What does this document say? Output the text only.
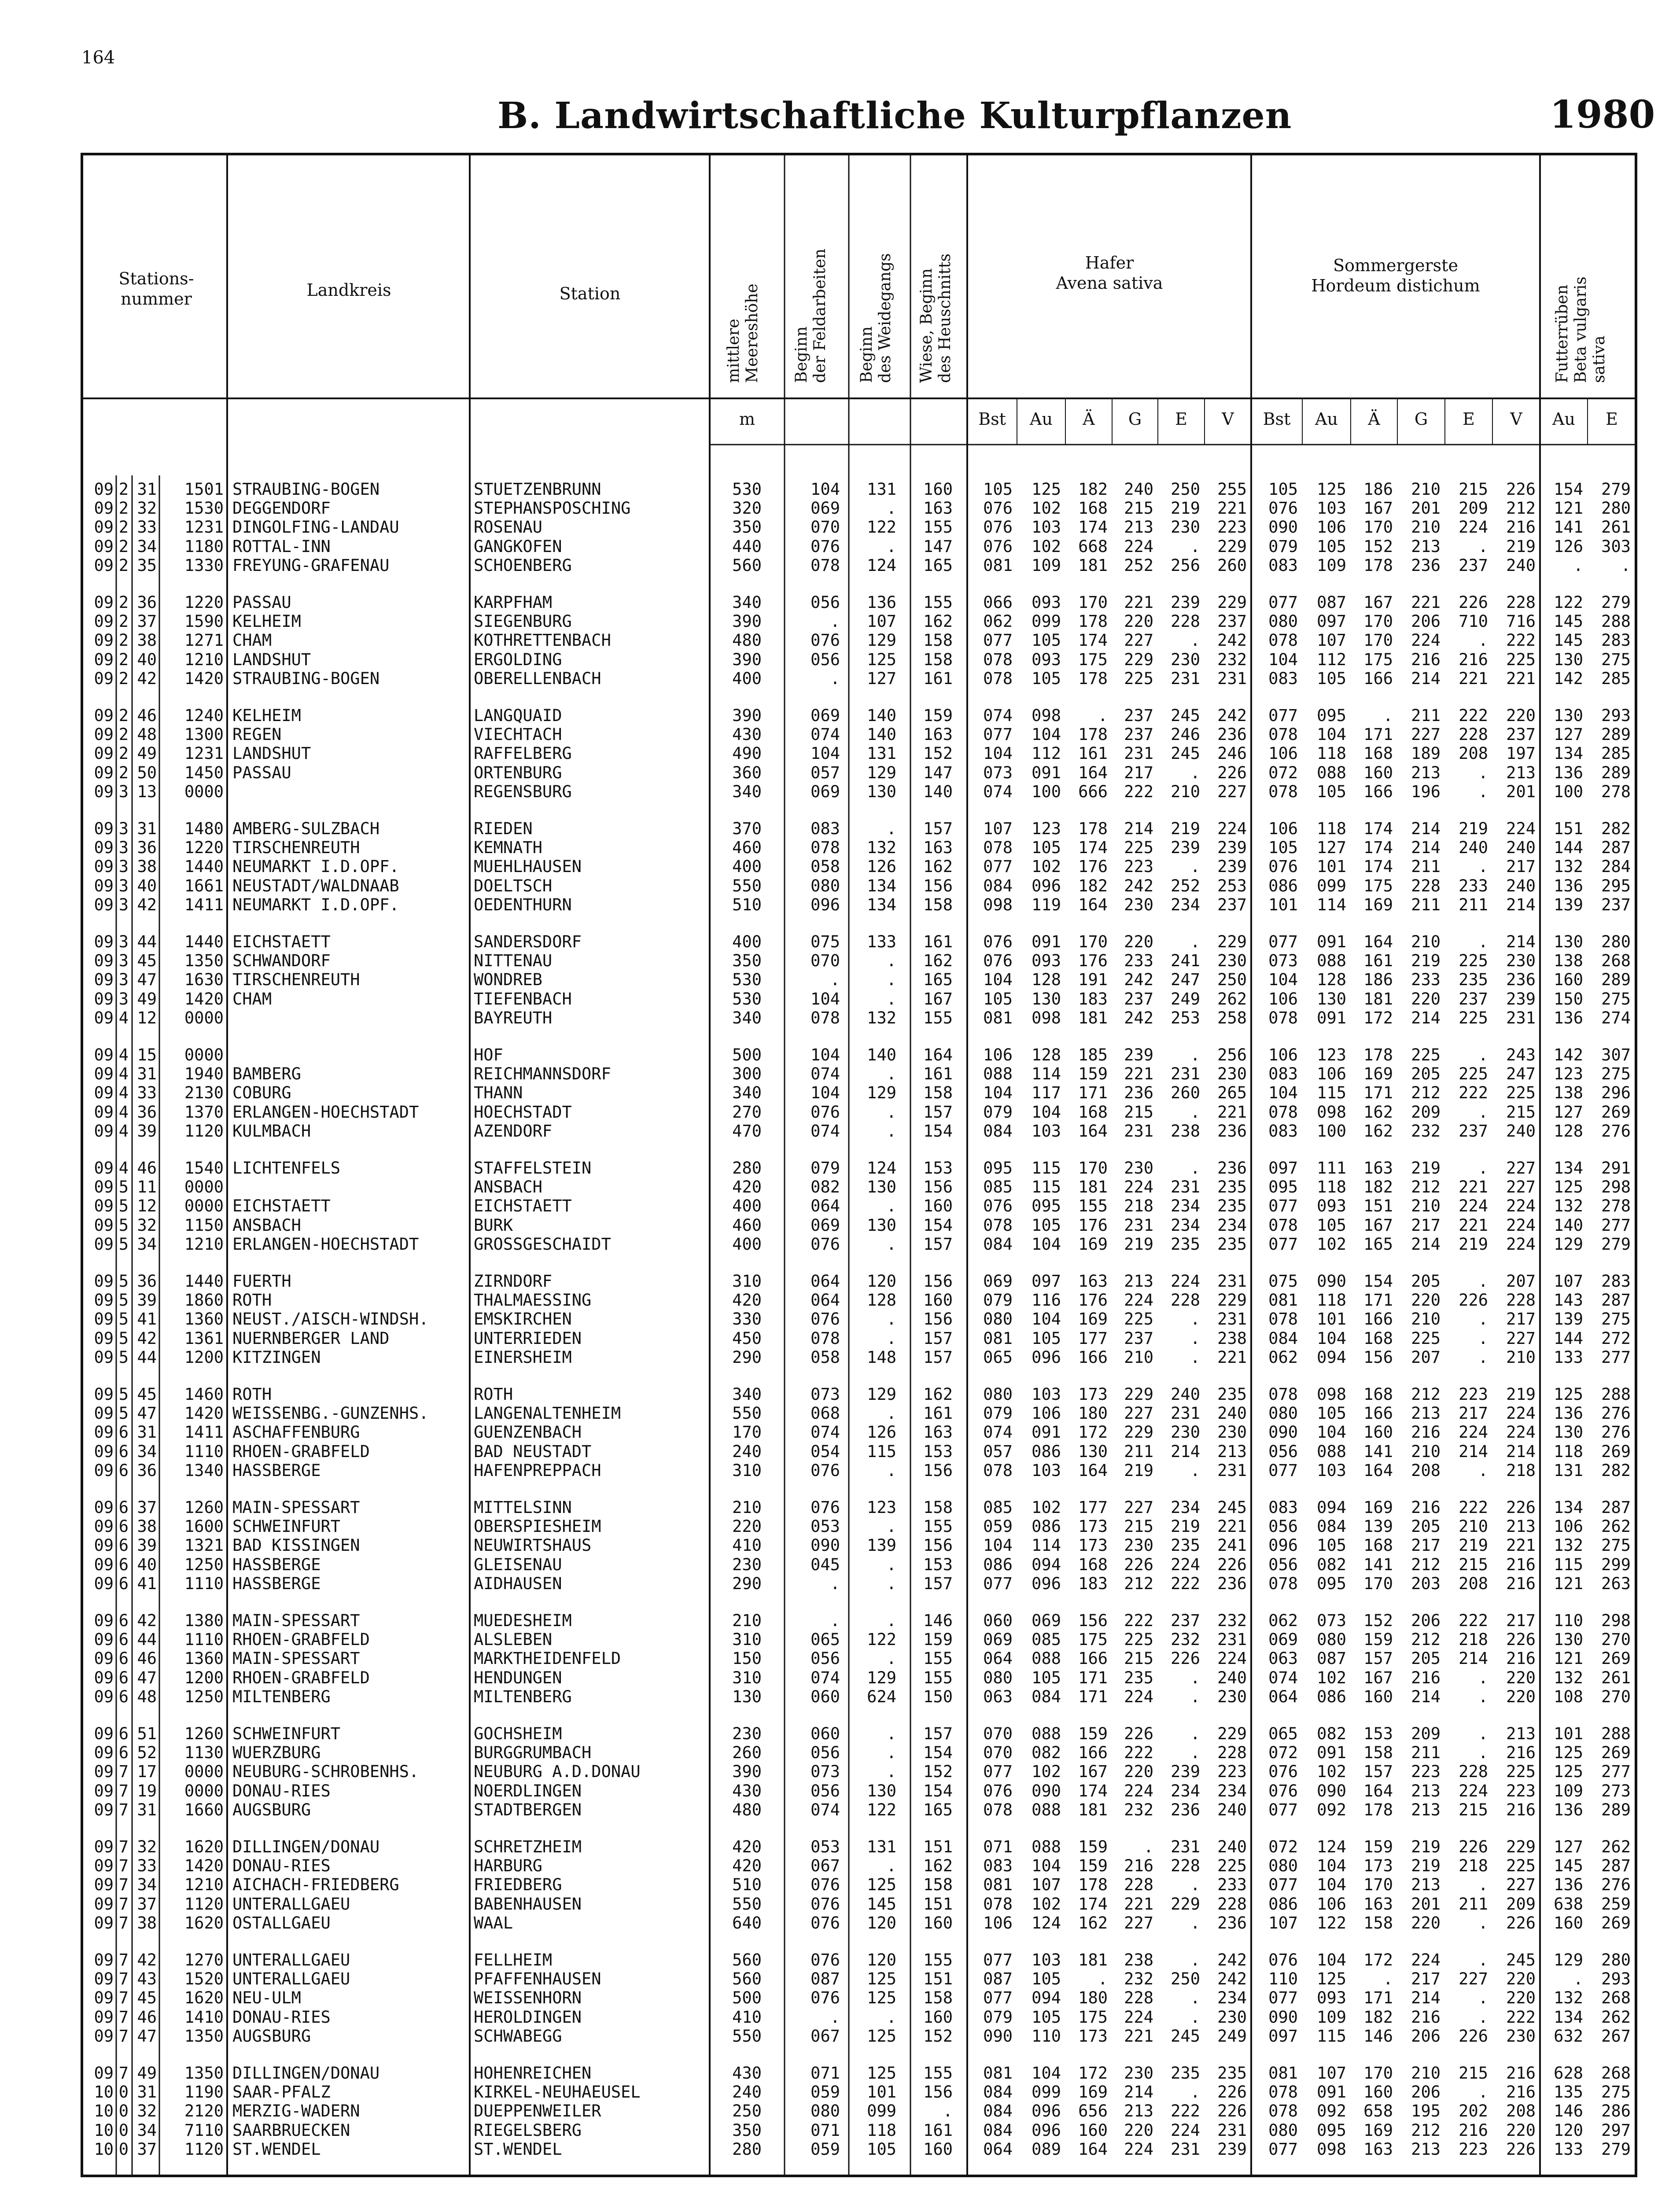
164
B. Landwirtschaftliche Kulturpflanzen	1980
Stations-
nummer	Landkreis	Station
Hafer
Avena sativa
Sommergerste
Hordeum distichum
mittlere
Meereshöhe Beginn
der Feldarbeiten
Beginn
des Weidegangs
Wiese, Beginn
des Heuschnitts	Futterrüben
Beta vulgaris
sativa
m	Bst	Au	Ä	G	E	V	Bst	Au	Ä	G	E	V	Au	E
09 2 31	1501 STRAUBING-BOGEN	STUETZENBRUNN	530	104	131	160	105	125	182	240	250	255	105	125	186	210	215	226	154	279
09 2 32	1530 DEGGENDORF	STEPHANSPOSCHING	320	069	.	163	076	102	168	215	219	221	076	103	167	201	209	212	121	280
09 2 33	1231 DINGOLFING-LANDAU	ROSENAU	350	070	122	155	076	103	174	213	230	223	090	106	170	210	224	216	141	261
09 2 34	1180 ROTTAL-INN	GANGKOFEN	440	076	.	147	076	102	668	224	.	229	079	105	152	213	.	219	126	303
09 2 35	1330 FREYUNG-GRAFENAU	SCHOENBERG	560	078	124	165	081	109	181	252	256	260	083	109	178	236	237	240	.	.
09 2 36	1220 PASSAU	KARPFHAM	340	056	136	155	066	093	170	221	239	229	077	087	167	221	226	228	122	279
09 2 37	1590 KELHEIM	SIEGENBURG	390	.	107	162	062	099	178	220	228	237	080	097	170	206	710	716	145	288
09 2 38	1271 CHAM	KOTHRETTENBACH	480	076	129	158	077	105	174	227	.	242	078	107	170	224	.	222	145	283
09 2 40	1210 LANDSHUT	ERGOLDING	390	056	125	158	078	093	175	229	230	232	104	112	175	216	216	225	130	275
09 2 42	1420 STRAUBING-BOGEN	OBERELLENBACH	400	.	127	161	078	105	178	225	231	231	083	105	166	214	221	221	142	285
09 2 46	1240 KELHEIM	LANGQUAID	390	069	140	159	074	098	.	237	245	242	077	095	.	211	222	220	130	293
09 2 48	1300 REGEN	VIECHTACH	430	074	140	163	077	104	178	237	246	236	078	104	171	227	228	237	127	289
09 2 49	1231 LANDSHUT	RAFFELBERG	490	104	131	152	104	112	161	231	245	246	106	118	168	189	208	197	134	285
09 2 50	1450 PASSAU	ORTENBURG	360	057	129	147	073	091	164	217	.	226	072	088	160	213	.	213	136	289
09 3 13	0000	REGENSBURG	340	069	130	140	074	100	666	222	210	227	078	105	166	196	.	201	100	278
09 3 31	1480 AMBERG-SULZBACH	RIEDEN	370	083	.	157	107	123	178	214	219	224	106	118	174	214	219	224	151	282
09 3 36	1220 TIRSCHENREUTH	KEMNATH	460	078	132	163	078	105	174	225	239	239	105	127	174	214	240	240	144	287
09 3 38	1440 NEUMARKT I.D.OPF.	MUEHLHAUSEN	400	058	126	162	077	102	176	223	.	239	076	101	174	211	.	217	132	284
09 3 40	1661 NEUSTADT/WALDNAAB	DOELTSCH	550	080	134	156	084	096	182	242	252	253	086	099	175	228	233	240	136	295
09 3 42	1411 NEUMARKT I.D.OPF.	OEDENTHURN	510	096	134	158	098	119	164	230	234	237	101	114	169	211	211	214	139	237
09 3 44	1440 EICHSTAETT	SANDERSDORF	400	075	133	161	076	091	170	220	.	229	077	091	164	210	.	214	130	280
09 3 45	1350 SCHWANDORF	NITTENAU	350	070	.	162	076	093	176	233	241	230	073	088	161	219	225	230	138	268
09 3 47	1630 TIRSCHENREUTH	WONDREB	530	.	.	165	104	128	191	242	247	250	104	128	186	233	235	236	160	289
09 3 49	1420 CHAM	TIEFENBACH	530	104	.	167	105	130	183	237	249	262	106	130	181	220	237	239	150	275
09 4 12	0000	BAYREUTH	340	078	132	155	081	098	181	242	253	258	078	091	172	214	225	231	136	274
09 4 15	0000	HOF	500	104	140	164	106	128	185	239	.	256	106	123	178	225	.	243	142	307
09 4 31	1940 BAMBERG	REICHMANNSDORF	300	074	.	161	088	114	159	221	231	230	083	106	169	205	225	247	123	275
09 4 33	2130 COBURG	THANN	340	104	129	158	104	117	171	236	260	265	104	115	171	212	222	225	138	296
09 4 36	1370 ERLANGEN-HOECHSTADT	HOECHSTADT	270	076	.	157	079	104	168	215	.	221	078	098	162	209	.	215	127	269
09 4 39	1120 KULMBACH	AZENDORF	470	074	.	154	084	103	164	231	238	236	083	100	162	232	237	240	128	276
09 4 46	1540 LICHTENFELS	STAFFELSTEIN	280	079	124	153	095	115	170	230	.	236	097	111	163	219	.	227	134	291
09 5 11	0000	ANSBACH	420	082	130	156	085	115	181	224	231	235	095	118	182	212	221	227	125	298
09 5 12	0000 EICHSTAETT	EICHSTAETT	400	064	.	160	076	095	155	218	234	235	077	093	151	210	224	224	132	278
09 5 32	1150 ANSBACH	BURK	460	069	130	154	078	105	176	231	234	234	078	105	167	217	221	224	140	277
09 5 34	1210 ERLANGEN-HOECHSTADT	GROSSGESCHAIDT	400	076	.	157	084	104	169	219	235	235	077	102	165	214	219	224	129	279
09 5 36	1440 FUERTH	ZIRNDORF	310	064	120	156	069	097	163	213	224	231	075	090	154	205	.	207	107	283
09 5 39	1860 ROTH	THALMAESSING	420	064	128	160	079	116	176	224	228	229	081	118	171	220	226	228	143	287
09 5 41	1360 NEUST./AISCH-WINDSH.	EMSKIRCHEN	330	076	.	156	080	104	169	225	.	231	078	101	166	210	.	217	139	275
09 5 42	1361 NUERNBERGER LAND	UNTERRIEDEN	450	078	.	157	081	105	177	237	.	238	084	104	168	225	.	227	144	272
09 5 44	1200 KITZINGEN	EINERSHEIM	290	058	148	157	065	096	166	210	.	221	062	094	156	207	.	210	133	277
09 5 45	1460 ROTH	ROTH	340	073	129	162	080	103	173	229	240	235	078	098	168	212	223	219	125	288
09 5 47	1420 WEISSENBG.-GUNZENHS.	LANGENALTENHEIM	550	068	.	161	079	106	180	227	231	240	080	105	166	213	217	224	136	276
09 6 31	1411 ASCHAFFENBURG	GUENZENBACH	170	074	126	163	074	091	172	229	230	230	090	104	160	216	224	224	130	276
09 6 34	1110 RHOEN-GRABFELD	BAD NEUSTADT	240	054	115	153	057	086	130	211	214	213	056	088	141	210	214	214	118	269
09 6 36	1340 HASSBERGE	HAFENPREPPACH	310	076	.	156	078	103	164	219	.	231	077	103	164	208	.	218	131	282
09 6 37	1260 MAIN-SPESSART	MITTELSINN	210	076	123	158	085	102	177	227	234	245	083	094	169	216	222	226	134	287
09 6 38	1600 SCHWEINFURT	OBERSPIESHEIM	220	053	.	155	059	086	173	215	219	221	056	084	139	205	210	213	106	262
09 6 39	1321 BAD KISSINGEN	NEUWIRTSHAUS	410	090	139	156	104	114	173	230	235	241	096	105	168	217	219	221	132	275
09 6 40	1250 HASSBERGE	GLEISENAU	230	045	.	153	086	094	168	226	224	226	056	082	141	212	215	216	115	299
09 6 41	1110 HASSBERGE	AIDHAUSEN	290	.	.	157	077	096	183	212	222	236	078	095	170	203	208	216	121	263
09 6 42	1380 MAIN-SPESSART	MUEDESHEIM	210	.	.	146	060	069	156	222	237	232	062	073	152	206	222	217	110	298
09 6 44	1110 RHOEN-GRABFELD	ALSLEBEN	310	065	122	159	069	085	175	225	232	231	069	080	159	212	218	226	130	270
09 6 46	1360 MAIN-SPESSART	MARKTHEIDENFELD	150	056	.	155	064	088	166	215	226	224	063	087	157	205	214	216	121	269
09 6 47	1200 RHOEN-GRABFELD	HENDUNGEN	310	074	129	155	080	105	171	235	.	240	074	102	167	216	.	220	132	261
09 6 48	1250 MILTENBERG	MILTENBERG	130	060	624	150	063	084	171	224	.	230	064	086	160	214	.	220	108	270
09 6 51	1260 SCHWEINFURT	GOCHSHEIM	230	060	.	157	070	088	159	226	.	229	065	082	153	209	.	213	101	288
09 6 52	1130 WUERZBURG	BURGGRUMBACH	260	056	.	154	070	082	166	222	.	228	072	091	158	211	.	216	125	269
09 7 17	0000 NEUBURG-SCHROBENHS.	NEUBURG A.D.DONAU	390	073	.	152	077	102	167	220	239	223	076	102	157	223	228	225	125	277
09 7 19	0000 DONAU-RIES	NOERDLINGEN	430	056	130	154	076	090	174	224	234	234	076	090	164	213	224	223	109	273
09 7 31	1660 AUGSBURG	STADTBERGEN	480	074	122	165	078	088	181	232	236	240	077	092	178	213	215	216	136	289
09 7 32	1620 DILLINGEN/DONAU	SCHRETZHEIM	420	053	131	151	071	088	159	.	231	240	072	124	159	219	226	229	127	262
09 7 33	1420 DONAU-RIES	HARBURG	420	067	.	162	083	104	159	216	228	225	080	104	173	219	218	225	145	287
09 7 34	1210 AICHACH-FRIEDBERG	FRIEDBERG	510	076	125	158	081	107	178	228	.	233	077	104	170	213	.	227	136	276
09 7 37	1120 UNTERALLGAEU	BABENHAUSEN	550	076	145	151	078	102	174	221	229	228	086	106	163	201	211	209	638	259
09 7 38	1620 OSTALLGAEU	WAAL	640	076	120	160	106	124	162	227	.	236	107	122	158	220	.	226	160	269
09 7 42	1270 UNTERALLGAEU	FELLHEIM	560	076	120	155	077	103	181	238	.	242	076	104	172	224	.	245	129	280
09 7 43	1520 UNTERALLGAEU	PFAFFENHAUSEN	560	087	125	151	087	105	.	232	250	242	110	125	.	217	227	220	.	293
09 7 45	1620 NEU-ULM	WEISSENHORN	500	076	125	158	077	094	180	228	.	234	077	093	171	214	.	220	132	268
09 7 46	1410 DONAU-RIES	HEROLDINGEN	410	.	.	160	079	105	175	224	.	230	090	109	182	216	.	222	134	262
09 7 47	1350 AUGSBURG	SCHWABEGG	550	067	125	152	090	110	173	221	245	249	097	115	146	206	226	230	632	267
09 7 49	1350 DILLINGEN/DONAU	HOHENREICHEN	430	071	125	155	081	104	172	230	235	235	081	107	170	210	215	216	628	268
10 0 31	1190 SAAR-PFALZ	KIRKEL-NEUHAEUSEL	240	059	101	156	084	099	169	214	.	226	078	091	160	206	.	216	135	275
10 0 32	2120 MERZIG-WADERN	DUEPPENWEILER	250	080	099	.	084	096	656	213	222	226	078	092	658	195	202	208	146	286
10 0 34	7110 SAARBRUECKEN	RIEGELSBERG	350	071	118	161	084	096	160	220	224	231	080	095	169	212	216	220	120	297
10 0 37	1120 ST.WENDEL	ST.WENDEL	280	059	105	160	064	089	164	224	231	239	077	098	163	213	223	226	133	279
